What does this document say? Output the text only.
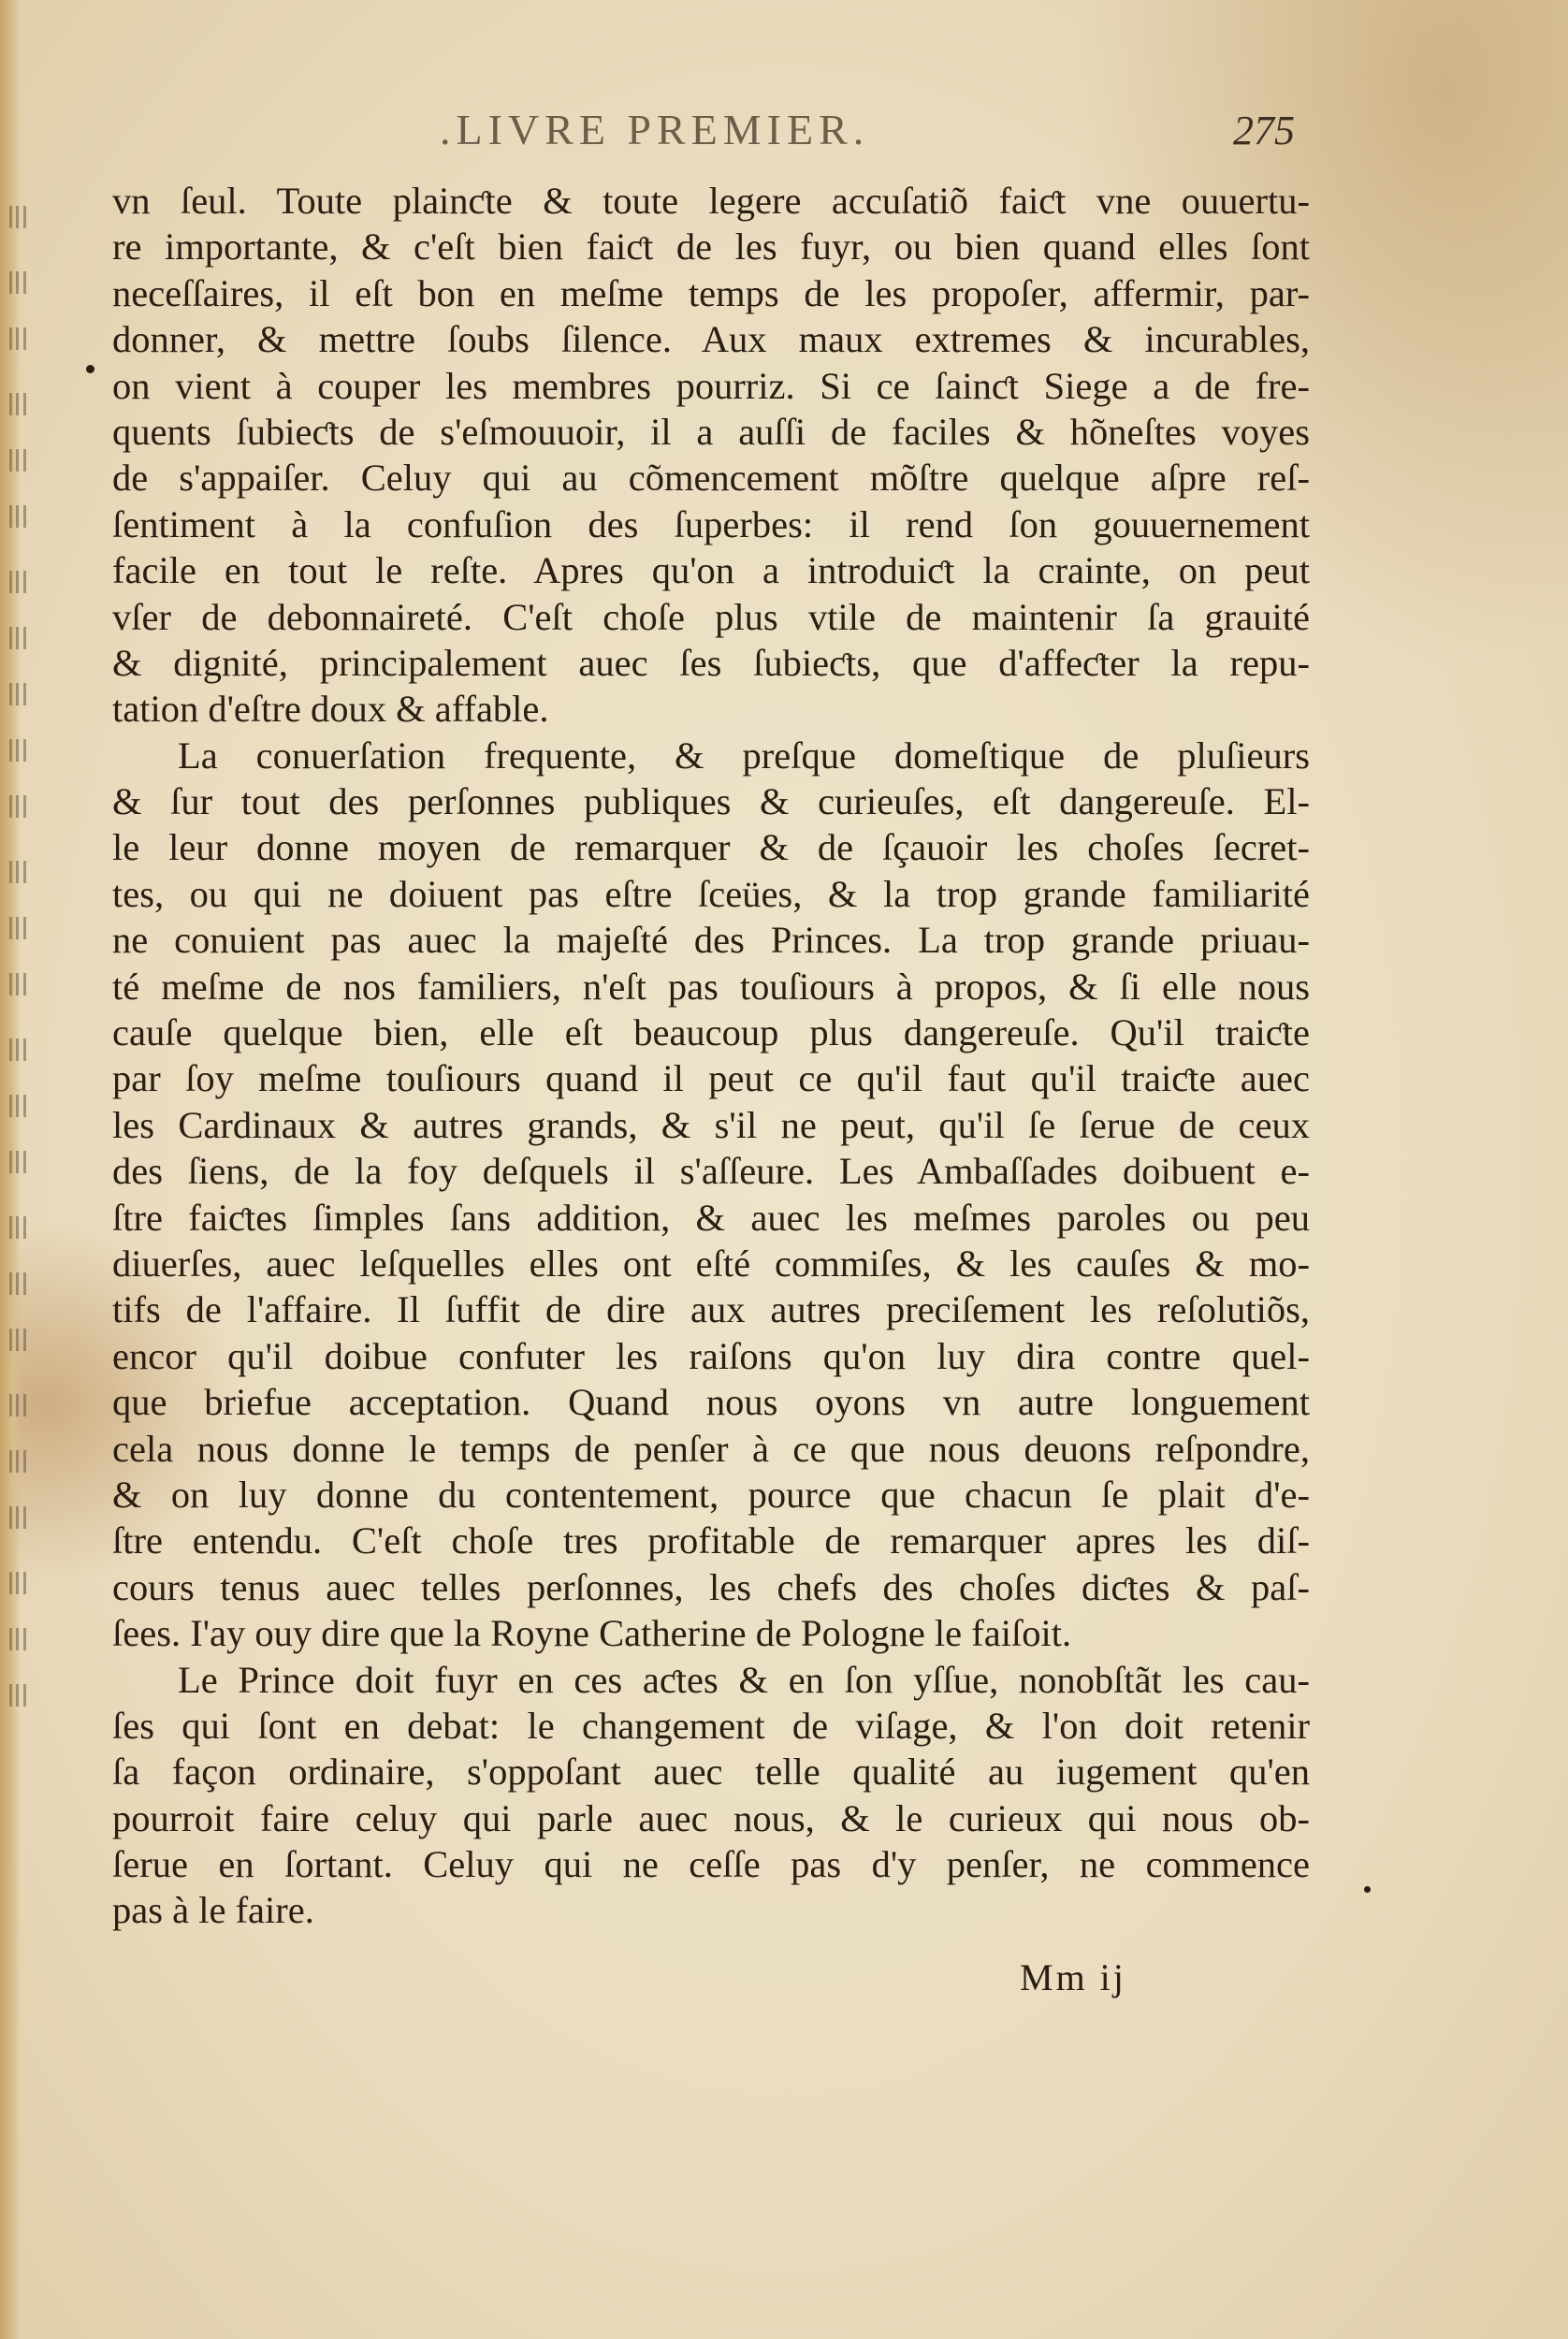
.LIVRE PREMIER.	275
vn ſeul. Toute plainƈte & toute legere accuſatiõ faiƈt vne ouuertu-
re importante, & c'eſt bien faiƈt de les fuyr, ou bien quand elles ſont
neceſſaires, il eſt bon en meſme temps de les propoſer, affermir, par-
donner, & mettre ſoubs ſilence. Aux maux extremes & incurables,
on vient à couper les membres pourriz. Si ce ſainƈt Siege a de fre-
quents ſubieƈts de s'eſmouuoir, il a auſſi de faciles & hõneſtes voyes
de s'appaiſer. Celuy qui au cõmencement mõſtre quelque aſpre reſ-
ſentiment à la confuſion des ſuperbes: il rend ſon gouuernement
facile en tout le reſte. Apres qu'on a introduiƈt la crainte, on peut
vſer de debonnaireté. C'eſt choſe plus vtile de maintenir ſa grauité
& dignité, principalement auec ſes ſubieƈts, que d'affeƈter la repu-
tation d'eſtre doux & affable.
La conuerſation frequente, & preſque domeſtique de pluſieurs
& ſur tout des perſonnes publiques & curieuſes, eſt dangereuſe. El-
le leur donne moyen de remarquer & de ſçauoir les choſes ſecret-
tes, ou qui ne doiuent pas eſtre ſceües, & la trop grande familiarité
ne conuient pas auec la majeſté des Princes. La trop grande priuau-
té meſme de nos familiers, n'eſt pas touſiours à propos, & ſi elle nous
cauſe quelque bien, elle eſt beaucoup plus dangereuſe. Qu'il traiƈte
par ſoy meſme touſiours quand il peut ce qu'il faut qu'il traiƈte auec
les Cardinaux & autres grands, & s'il ne peut, qu'il ſe ſerue de ceux
des ſiens, de la foy deſquels il s'aſſeure. Les Ambaſſades doibuent e-
ſtre faiƈtes ſimples ſans addition, & auec les meſmes paroles ou peu
diuerſes, auec leſquelles elles ont eſté commiſes, & les cauſes & mo-
tifs de l'affaire. Il ſuffit de dire aux autres preciſement les reſolutiõs,
encor qu'il doibue confuter les raiſons qu'on luy dira contre quel-
que briefue acceptation. Quand nous oyons vn autre longuement
cela nous donne le temps de penſer à ce que nous deuons reſpondre,
& on luy donne du contentement, pource que chacun ſe plait d'e-
ſtre entendu. C'eſt choſe tres profitable de remarquer apres les diſ-
cours tenus auec telles perſonnes, les chefs des choſes diƈtes & paſ-
ſees. I'ay ouy dire que la Royne Catherine de Pologne le faiſoit.
Le Prince doit fuyr en ces aƈtes & en ſon yſſue, nonobſtãt les cau-
ſes qui ſont en debat: le changement de viſage, & l'on doit retenir
ſa façon ordinaire, s'oppoſant auec telle qualité au iugement qu'en
pourroit faire celuy qui parle auec nous, & le curieux qui nous ob-
ſerue en ſortant. Celuy qui ne ceſſe pas d'y penſer, ne commence
pas à le faire.
Mm ij
